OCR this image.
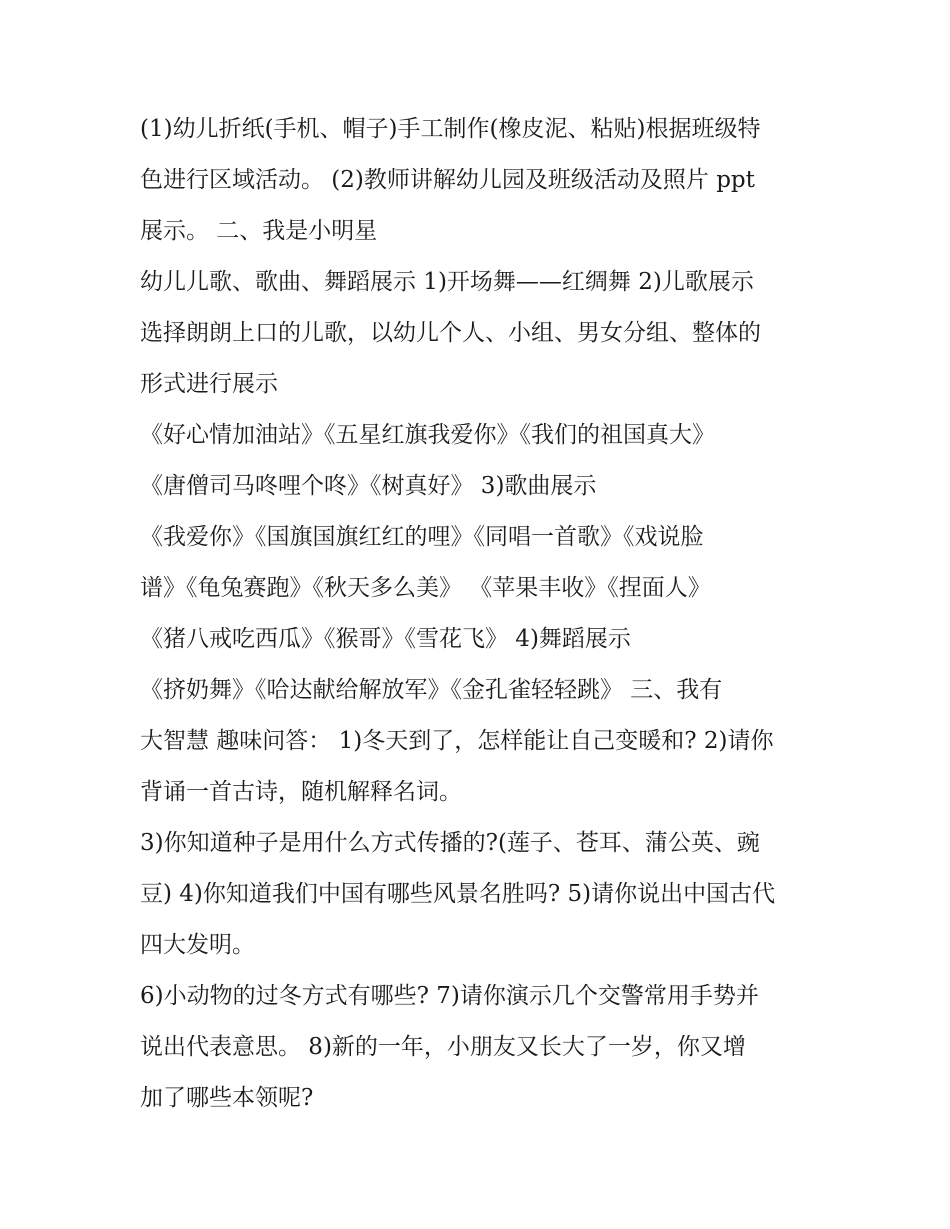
(1)幼儿折纸(手机、帽子)手工制作(橡皮泥、粘贴)根据班级特
色进行区域活动。 (2)教师讲解幼儿园及班级活动及照片 ppt
展示。 二、我是小明星
幼儿儿歌、歌曲、舞蹈展示 1)开场舞——红绸舞 2)儿歌展示
选择朗朗上口的儿歌，以幼儿个人、小组、男女分组、整体的
形式进行展示
《好心情加油站》《五星红旗我爱你》《我们的祖国真大》
《唐僧司马咚哩个咚》《树真好》 3)歌曲展示
《我爱你》《国旗国旗红红的哩》《同唱一首歌》《戏说脸
谱》《龟兔赛跑》《秋天多么美》 《苹果丰收》《捏面人》
《猪八戒吃西瓜》《猴哥》《雪花飞》 4)舞蹈展示
《挤奶舞》《哈达献给解放军》《金孔雀轻轻跳》 三、我有
大智慧 趣味问答： 1)冬天到了，怎样能让自己变暖和? 2)请你
背诵一首古诗，随机解释名词。
3)你知道种子是用什么方式传播的?(莲子、苍耳、蒲公英、豌
豆) 4)你知道我们中国有哪些风景名胜吗? 5)请你说出中国古代
四大发明。
6)小动物的过冬方式有哪些? 7)请你演示几个交警常用手势并
说出代表意思。 8)新的一年，小朋友又长大了一岁，你又增
加了哪些本领呢?
